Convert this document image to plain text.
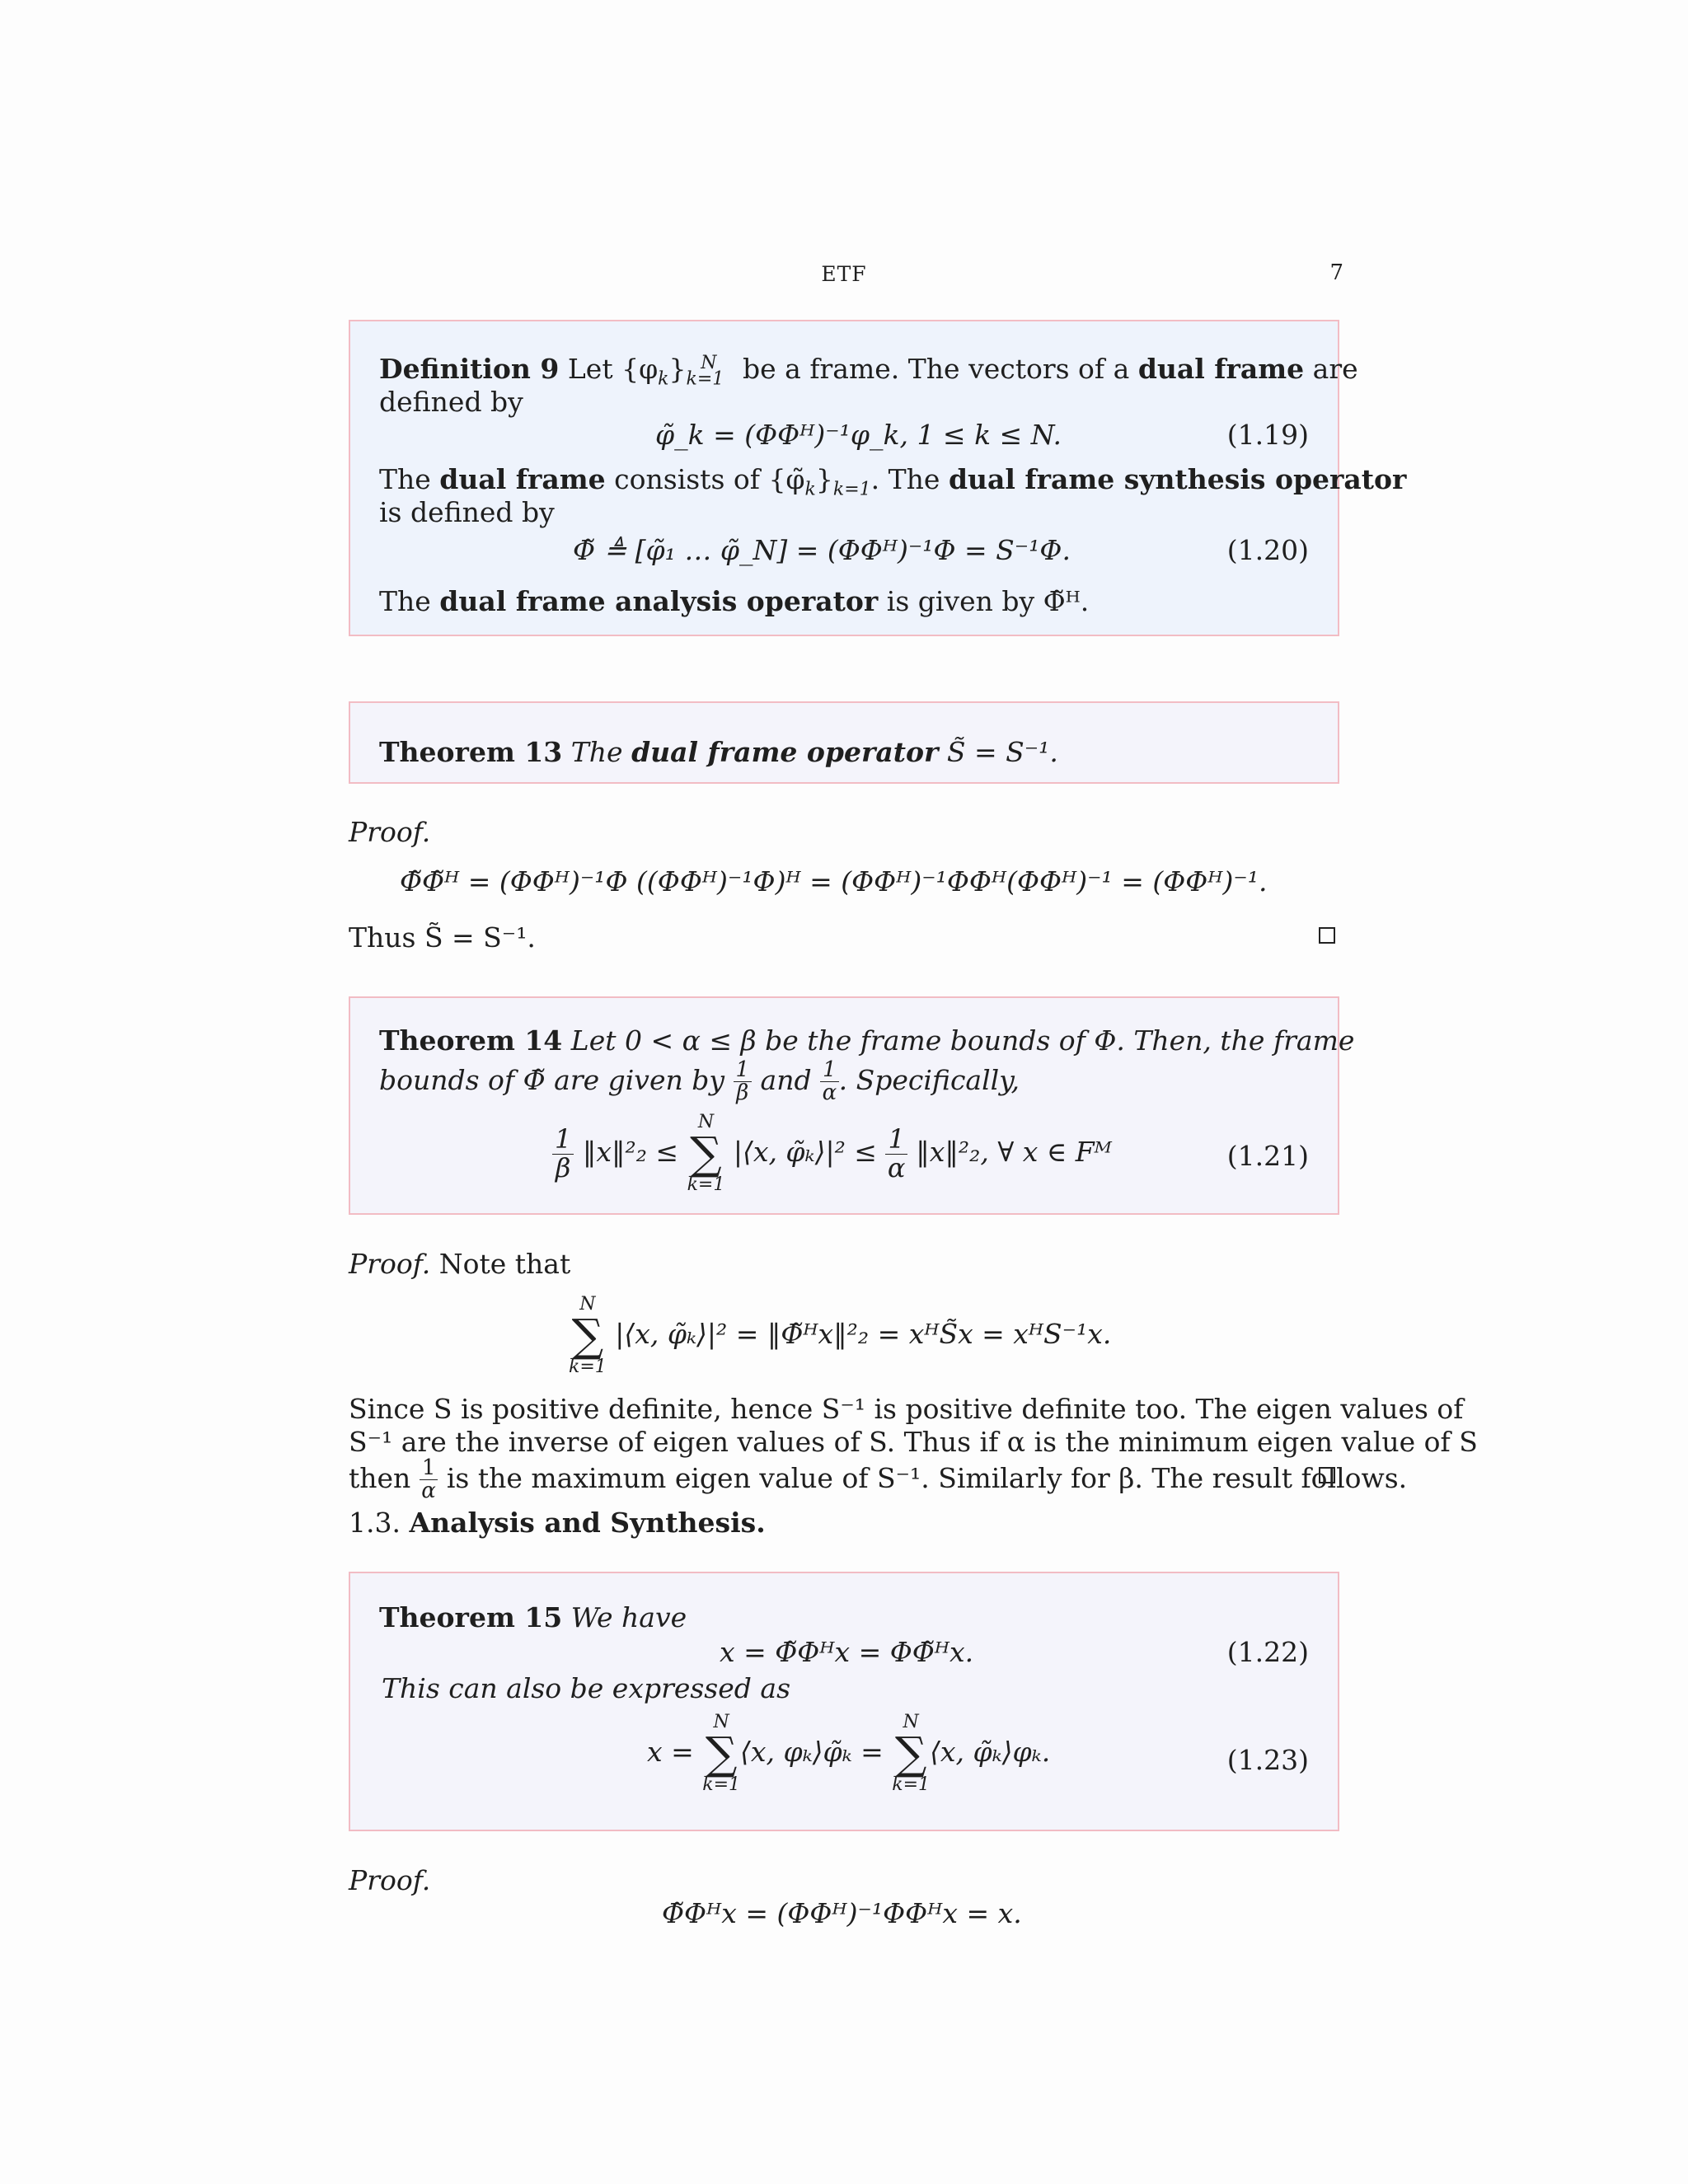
ETF	7
Definition 9 Let $\{\varphi_k\}_{k=1}^N$ be a frame. The vectors of a dual frame are
defined by
φ̃_k = (ΦΦᴴ)⁻¹φ_k, 1 ≤ k ≤ N.	(1.19)
The dual frame consists of $\{\varphĩ_k\}_{k=1}$. The dual frame synthesis operator
is defined by
Φ̃ ≜ [φ̃₁ … φ̃_N] = (ΦΦᴴ)⁻¹Φ = S⁻¹Φ.	(1.20)
The dual frame analysis operator is given by Φ̃ᴴ.
Theorem 13 The dual frame operator S̃ = S⁻¹.
Proof.
Φ̃Φ̃ᴴ = (ΦΦᴴ)⁻¹Φ ((ΦΦᴴ)⁻¹Φ)ᴴ = (ΦΦᴴ)⁻¹ΦΦᴴ(ΦΦᴴ)⁻¹ = (ΦΦᴴ)⁻¹.
Thus S̃ = S⁻¹.
Theorem 14 Let 0 < α ≤ β be the frame bounds of Φ. Then, the frame
bounds of Φ̃ are given by $\frac{1}{\beta}$ and $\frac{1}{\alpha}$ . Specifically,
$\frac{1}{\beta}$ ‖x‖²₂ ≤
N
∑
k=1
|⟨x, φ̃ₖ⟩|² ≤ $\frac{1}{\alpha}$ ‖x‖²₂, ∀ x ∈ Fᴹ	(1.21)
Proof. Note that
N
∑
k=1
|⟨x, φ̃ₖ⟩|² = ‖Φ̃ᴴx‖²₂ = xᴴS̃x = xᴴS⁻¹x.
Since S is positive definite, hence S⁻¹ is positive definite too. The eigen values of
S⁻¹ are the inverse of eigen values of S. Thus if α is the minimum eigen value of S
then $\frac{1}{\alpha}$ is the maximum eigen value of S⁻¹. Similarly for β. The result follows.
1.3. Analysis and Synthesis.
Theorem 15 We have
x = Φ̃Φᴴx = ΦΦ̃ᴴx.	(1.22)
This can also be expressed as
x =
N
∑
k=1
⟨x, φₖ⟩φ̃ₖ =
N
∑
k=1
⟨x, φ̃ₖ⟩φₖ.	(1.23)
Proof.
Φ̃Φᴴx = (ΦΦᴴ)⁻¹ΦΦᴴx = x.
